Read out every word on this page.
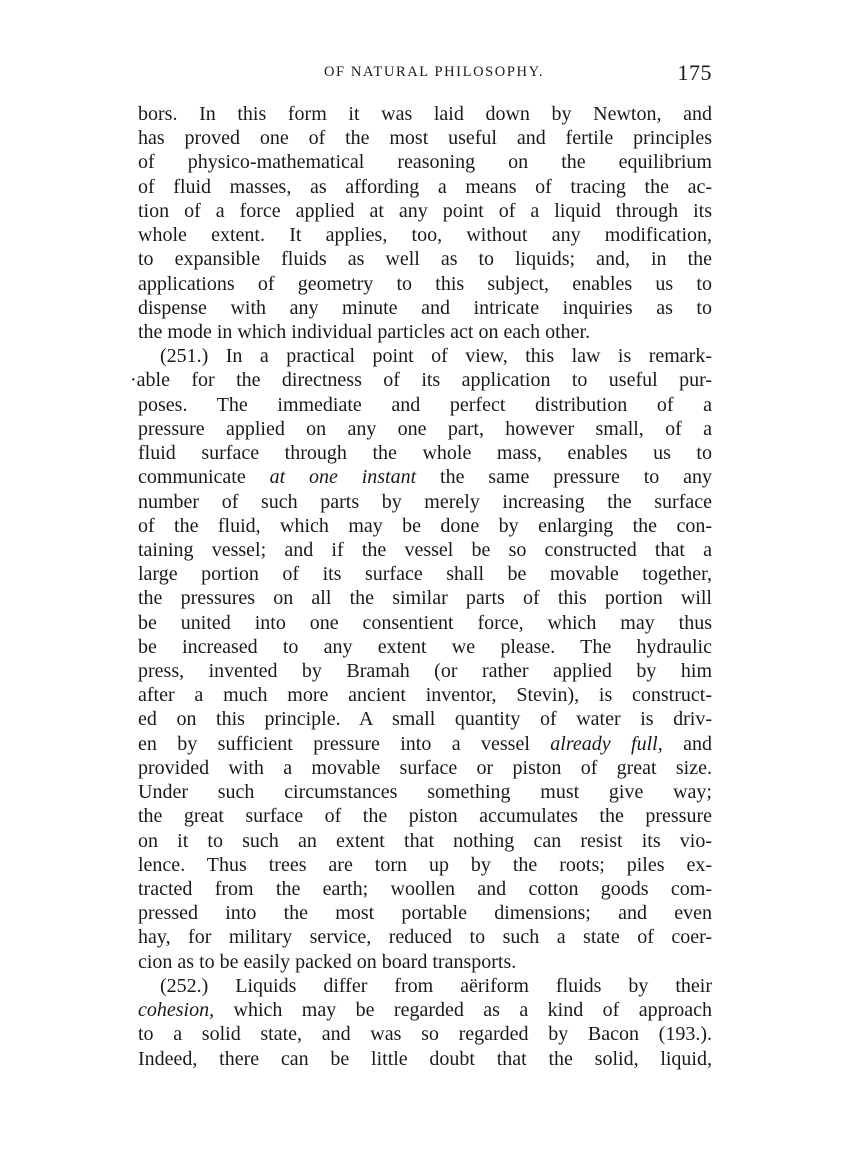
OF NATURAL PHILOSOPHY.	175
bors. In this form it was laid down by Newton, and
has proved one of the most useful and fertile principles
of physico-mathematical reasoning on the equilibrium
of fluid masses, as affording a means of tracing the ac-
tion of a force applied at any point of a liquid through its
whole extent. It applies, too, without any modification,
to expansible fluids as well as to liquids; and, in the
applications of geometry to this subject, enables us to
dispense with any minute and intricate inquiries as to
the mode in which individual particles act on each other.
(251.) In a practical point of view, this law is remark-
·able for the directness of its application to useful pur-
poses. The immediate and perfect distribution of a
pressure applied on any one part, however small, of a
fluid surface through the whole mass, enables us to
communicate at one instant the same pressure to any
number of such parts by merely increasing the surface
of the fluid, which may be done by enlarging the con-
taining vessel; and if the vessel be so constructed that a
large portion of its surface shall be movable together,
the pressures on all the similar parts of this portion will
be united into one consentient force, which may thus
be increased to any extent we please. The hydraulic
press, invented by Bramah (or rather applied by him
after a much more ancient inventor, Stevin), is construct-
ed on this principle. A small quantity of water is driv-
en by sufficient pressure into a vessel already full, and
provided with a movable surface or piston of great size.
Under such circumstances something must give way;
the great surface of the piston accumulates the pressure
on it to such an extent that nothing can resist its vio-
lence. Thus trees are torn up by the roots; piles ex-
tracted from the earth; woollen and cotton goods com-
pressed into the most portable dimensions; and even
hay, for military service, reduced to such a state of coer-
cion as to be easily packed on board transports.
(252.) Liquids differ from aëriform fluids by their
cohesion, which may be regarded as a kind of approach
to a solid state, and was so regarded by Bacon (193.).
Indeed, there can be little doubt that the solid, liquid,
